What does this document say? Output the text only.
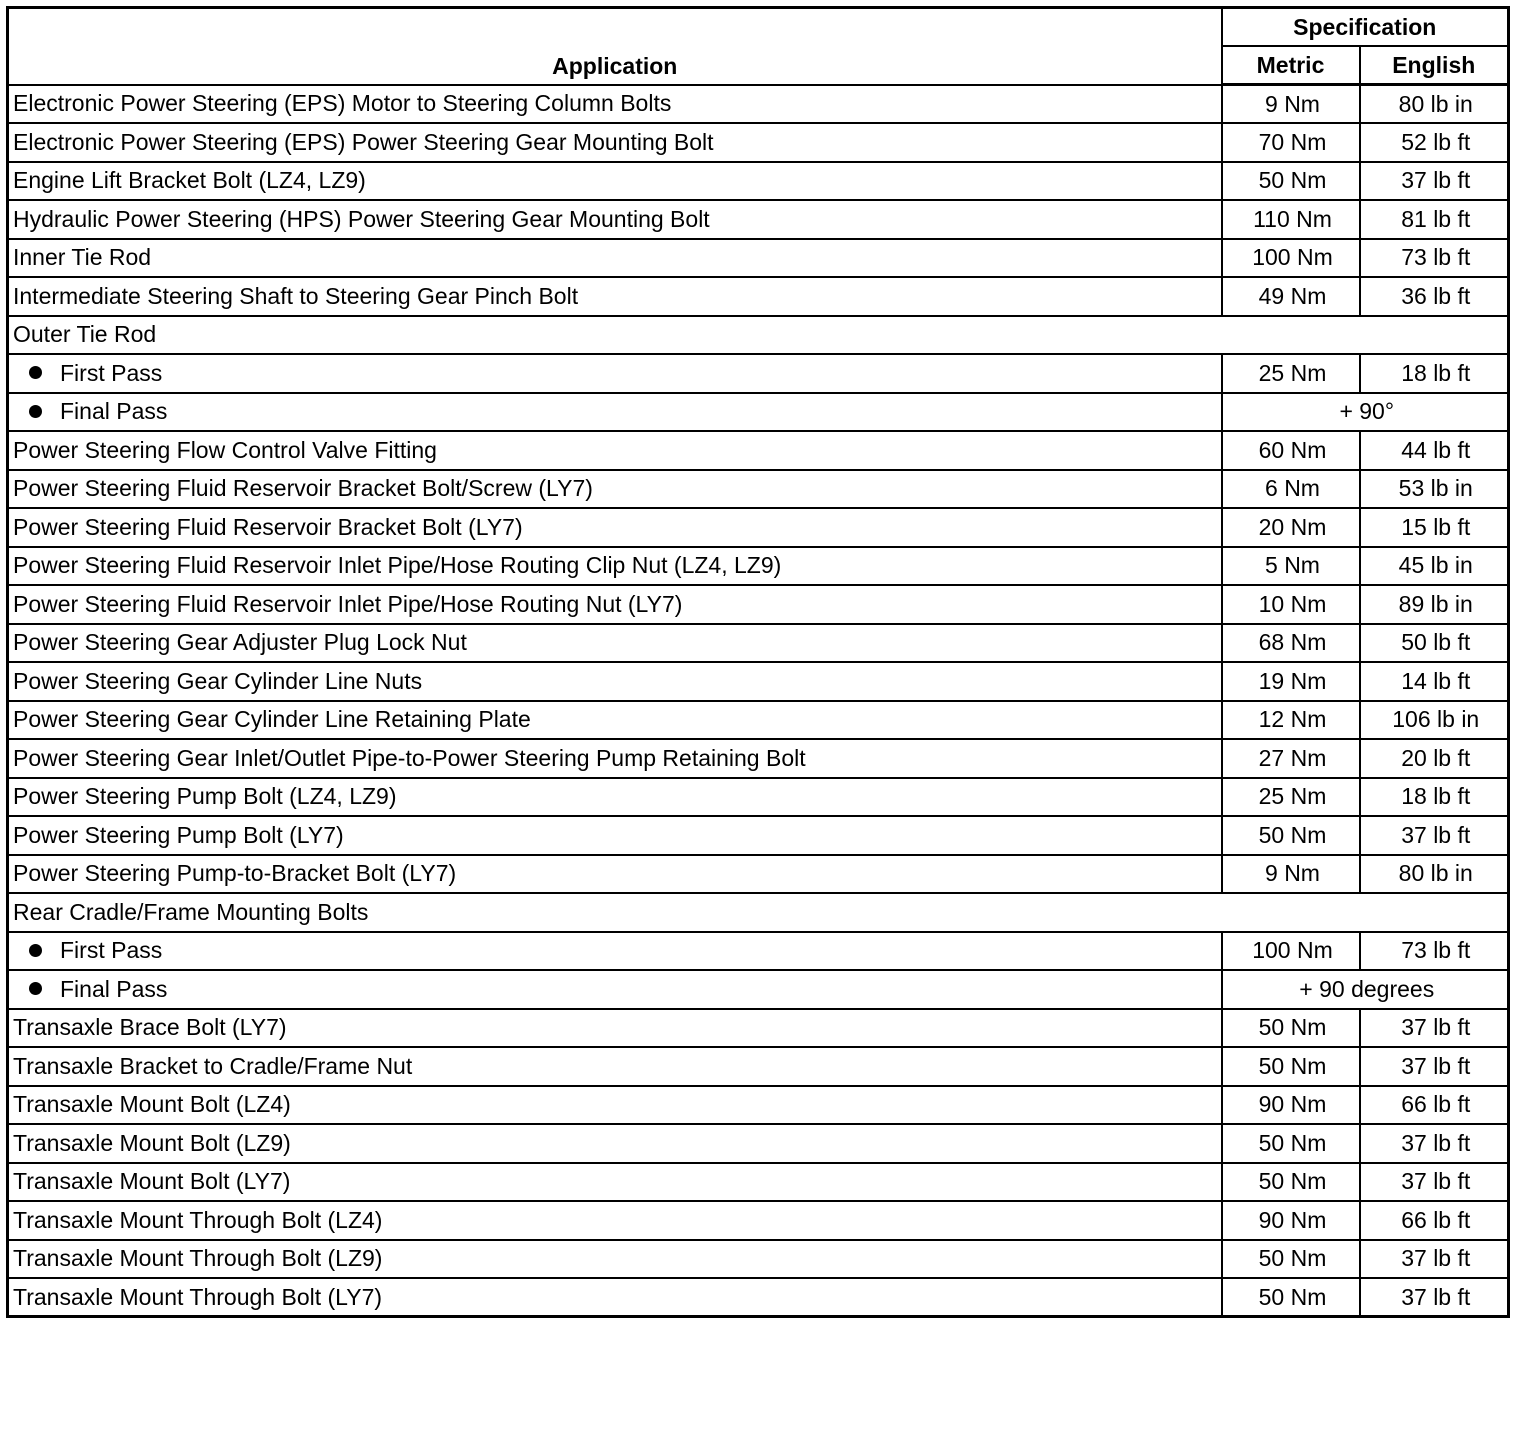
Application	Specification	
	Metric	English
Electronic Power Steering (EPS) Motor to Steering Column Bolts	9 Nm	80 lb in
Electronic Power Steering (EPS) Power Steering Gear Mounting Bolt	70 Nm	52 lb ft
Engine Lift Bracket Bolt (LZ4, LZ9)	50 Nm	37 lb ft
Hydraulic Power Steering (HPS) Power Steering Gear Mounting Bolt	110 Nm	81 lb ft
Inner Tie Rod	100 Nm	73 lb ft
Intermediate Steering Shaft to Steering Gear Pinch Bolt	49 Nm	36 lb ft
Outer Tie Rod		
First Pass	25 Nm	18 lb ft
Final Pass	+ 90°	
Power Steering Flow Control Valve Fitting	60 Nm	44 lb ft
Power Steering Fluid Reservoir Bracket Bolt/Screw (LY7)	6 Nm	53 lb in
Power Steering Fluid Reservoir Bracket Bolt (LY7)	20 Nm	15 lb ft
Power Steering Fluid Reservoir Inlet Pipe/Hose Routing Clip Nut (LZ4, LZ9)	5 Nm	45 lb in
Power Steering Fluid Reservoir Inlet Pipe/Hose Routing Nut (LY7)	10 Nm	89 lb in
Power Steering Gear Adjuster Plug Lock Nut	68 Nm	50 lb ft
Power Steering Gear Cylinder Line Nuts	19 Nm	14 lb ft
Power Steering Gear Cylinder Line Retaining Plate	12 Nm	106 lb in
Power Steering Gear Inlet/Outlet Pipe-to-Power Steering Pump Retaining Bolt	27 Nm	20 lb ft
Power Steering Pump Bolt (LZ4, LZ9)	25 Nm	18 lb ft
Power Steering Pump Bolt (LY7)	50 Nm	37 lb ft
Power Steering Pump-to-Bracket Bolt (LY7)	9 Nm	80 lb in
Rear Cradle/Frame Mounting Bolts		
First Pass	100 Nm	73 lb ft
Final Pass	+ 90 degrees	
Transaxle Brace Bolt (LY7)	50 Nm	37 lb ft
Transaxle Bracket to Cradle/Frame Nut	50 Nm	37 lb ft
Transaxle Mount Bolt (LZ4)	90 Nm	66 lb ft
Transaxle Mount Bolt (LZ9)	50 Nm	37 lb ft
Transaxle Mount Bolt (LY7)	50 Nm	37 lb ft
Transaxle Mount Through Bolt (LZ4)	90 Nm	66 lb ft
Transaxle Mount Through Bolt (LZ9)	50 Nm	37 lb ft
Transaxle Mount Through Bolt (LY7)	50 Nm	37 lb ft
